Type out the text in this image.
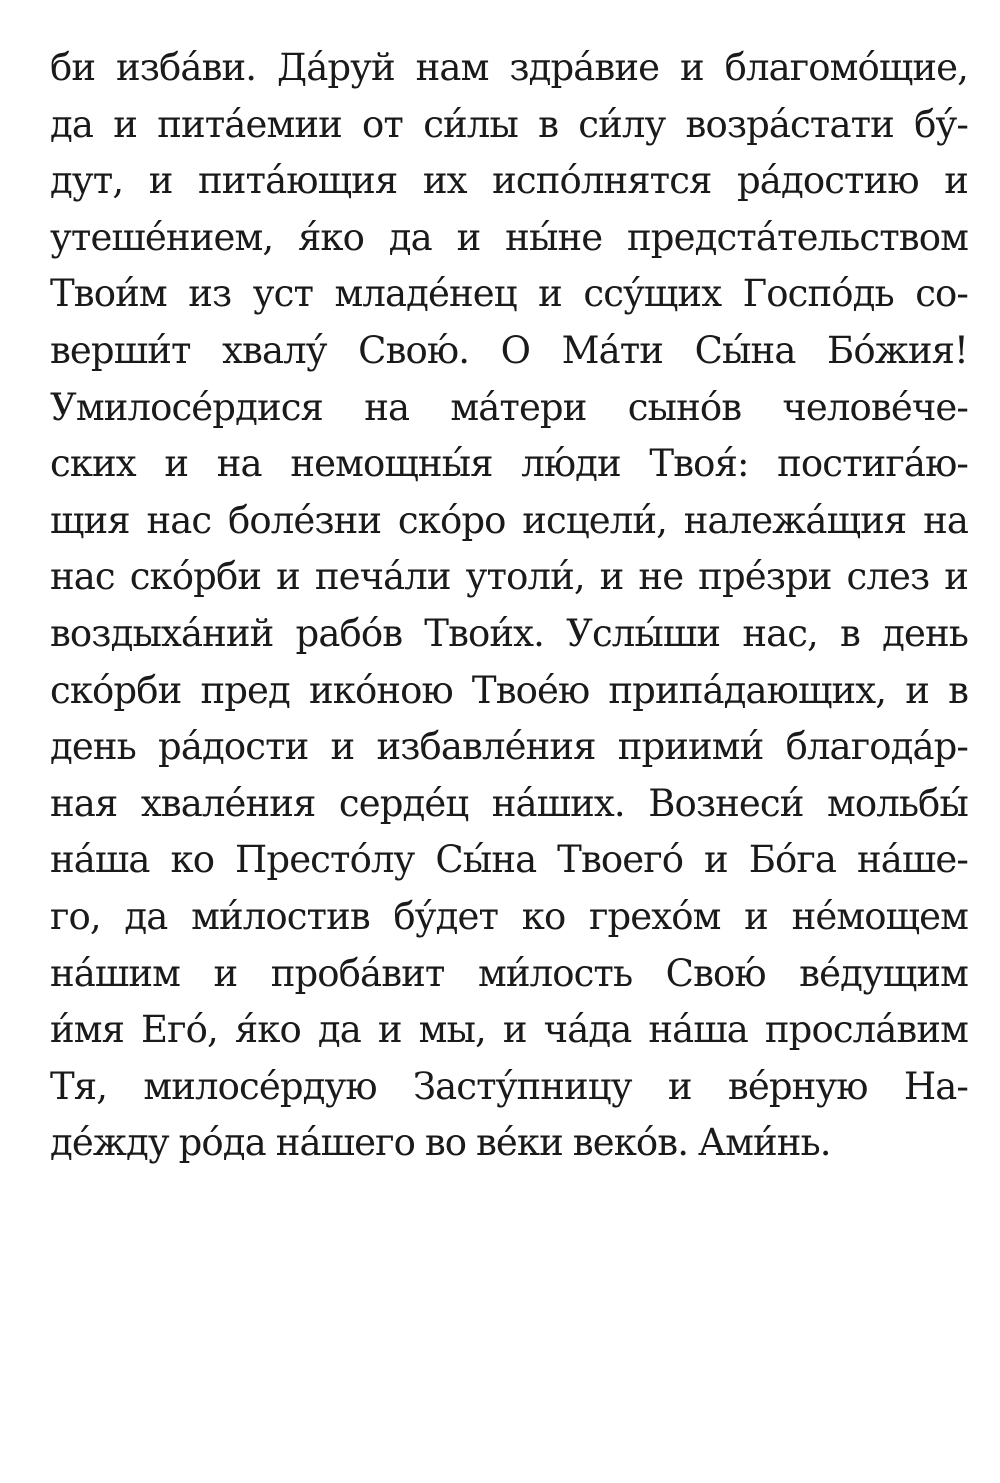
би изба́ви. Да́руй нам здра́вие и благомо́щие,
да и пита́емии от си́лы в си́лу возра́стати бу́-
дут, и пита́ющия их испо́лнятся ра́достию и
утеше́нием, я́ко да и ны́не предста́тельством
Твои́м из уст младе́нец и ссу́щих Госпо́дь со-
верши́т хвалу́ Свою́. О Ма́ти Сы́на Бо́жия!
Умилосе́рдися на ма́тери сыно́в челове́че-
ских и на немощны́я лю́ди Твоя́: постига́ю-
щия нас боле́зни ско́ро исцели́, належа́щия на
нас ско́рби и печа́ли утоли́, и не пре́зри слез и
воздыха́ний рабо́в Твои́х. Услы́ши нас, в день
ско́рби пред ико́ною Твое́ю припа́дающих, и в
день ра́дости и избавле́ния приими́ благода́р-
ная хвале́ния серде́ц на́ших. Вознеси́ мольбы́
на́ша ко Престо́лу Сы́на Твоего́ и Бо́га на́ше-
го, да ми́лостив бу́дет ко грехо́м и не́мощем
на́шим и проба́вит ми́лость Свою́ ве́дущим
и́мя Его́, я́ко да и мы, и ча́да на́ша просла́вим
Тя, милосе́рдую Засту́пницу и ве́рную На-
де́жду ро́да на́шего во ве́ки веко́в. Ами́нь.
